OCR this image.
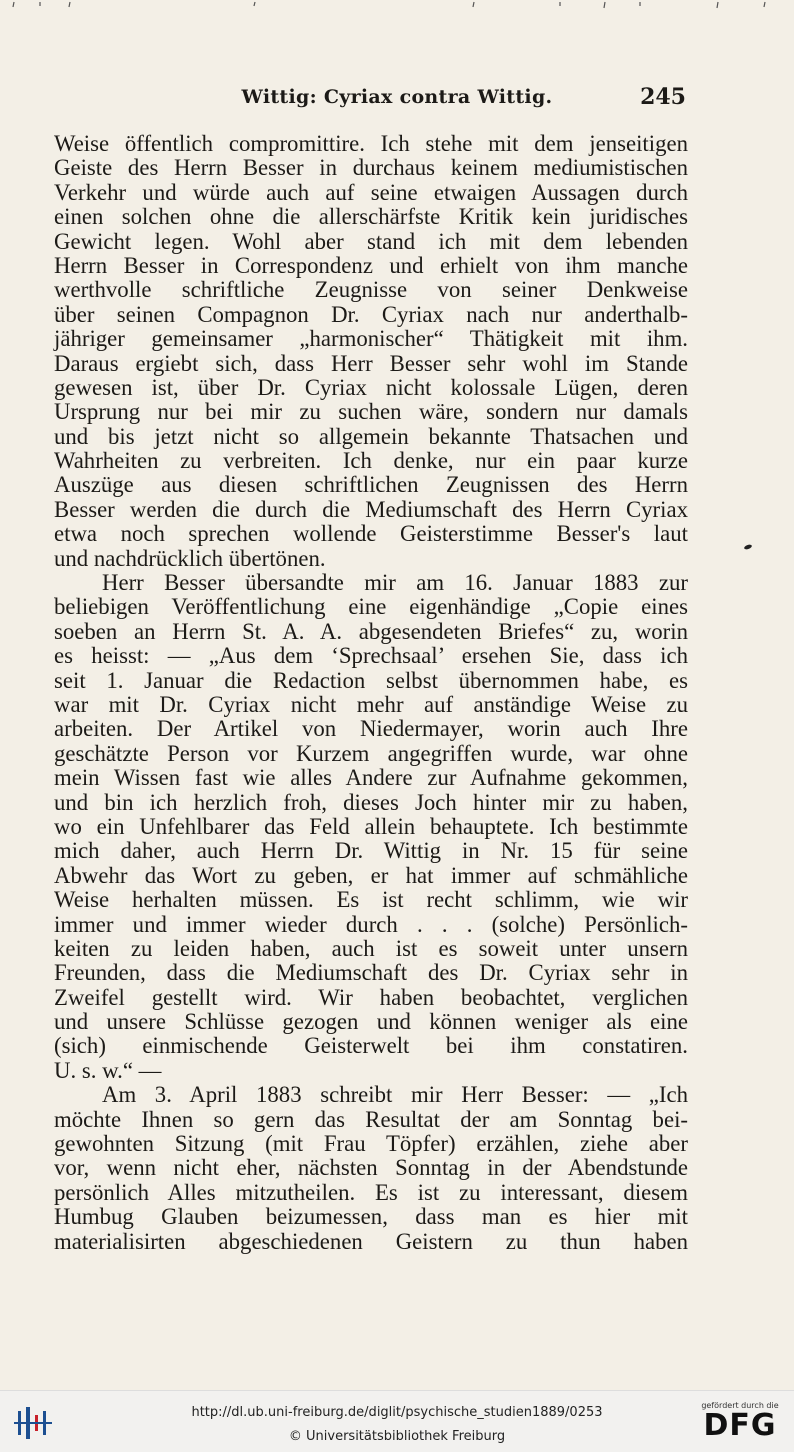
Wittig: Cyriax contra Wittig.	245
Weise öffentlich compromittire. Ich stehe mit dem jenseitigen
Geiste des Herrn Besser in durchaus keinem mediumistischen
Verkehr und würde auch auf seine etwaigen Aussagen durch
einen solchen ohne die allerschärfste Kritik kein juridisches
Gewicht legen. Wohl aber stand ich mit dem lebenden
Herrn Besser in Correspondenz und erhielt von ihm manche
werthvolle schriftliche Zeugnisse von seiner Denkweise
über seinen Compagnon Dr. Cyriax nach nur anderthalb-
jähriger gemeinsamer „harmonischer“ Thätigkeit mit ihm.
Daraus ergiebt sich, dass Herr Besser sehr wohl im Stande
gewesen ist, über Dr. Cyriax nicht kolossale Lügen, deren
Ursprung nur bei mir zu suchen wäre, sondern nur damals
und bis jetzt nicht so allgemein bekannte Thatsachen und
Wahrheiten zu verbreiten. Ich denke, nur ein paar kurze
Auszüge aus diesen schriftlichen Zeugnissen des Herrn
Besser werden die durch die Mediumschaft des Herrn Cyriax
etwa noch sprechen wollende Geisterstimme Besser's laut
und nachdrücklich übertönen.
Herr Besser übersandte mir am 16. Januar 1883 zur
beliebigen Veröffentlichung eine eigenhändige „Copie eines
soeben an Herrn St. A. A. abgesendeten Briefes“ zu, worin
es heisst: — „Aus dem ‘Sprechsaal’ ersehen Sie, dass ich
seit 1. Januar die Redaction selbst übernommen habe, es
war mit Dr. Cyriax nicht mehr auf anständige Weise zu
arbeiten. Der Artikel von Niedermayer, worin auch Ihre
geschätzte Person vor Kurzem angegriffen wurde, war ohne
mein Wissen fast wie alles Andere zur Aufnahme gekommen,
und bin ich herzlich froh, dieses Joch hinter mir zu haben,
wo ein Unfehlbarer das Feld allein behauptete. Ich bestimmte
mich daher, auch Herrn Dr. Wittig in Nr. 15 für seine
Abwehr das Wort zu geben, er hat immer auf schmähliche
Weise herhalten müssen. Es ist recht schlimm, wie wir
immer und immer wieder durch . . . (solche) Persönlich-
keiten zu leiden haben, auch ist es soweit unter unsern
Freunden, dass die Mediumschaft des Dr. Cyriax sehr in
Zweifel gestellt wird. Wir haben beobachtet, verglichen
und unsere Schlüsse gezogen und können weniger als eine
(sich) einmischende Geisterwelt bei ihm constatiren.
U. s. w.“ —
Am 3. April 1883 schreibt mir Herr Besser: — „Ich
möchte Ihnen so gern das Resultat der am Sonntag bei-
gewohnten Sitzung (mit Frau Töpfer) erzählen, ziehe aber
vor, wenn nicht eher, nächsten Sonntag in der Abendstunde
persönlich Alles mitzutheilen. Es ist zu interessant, diesem
Humbug Glauben beizumessen, dass man es hier mit
materialisirten abgeschiedenen Geistern zu thun haben
http://dl.ub.uni-freiburg.de/diglit/psychische_studien1889/0253
© Universitätsbibliothek Freiburg
gefördert durch die
DFG
